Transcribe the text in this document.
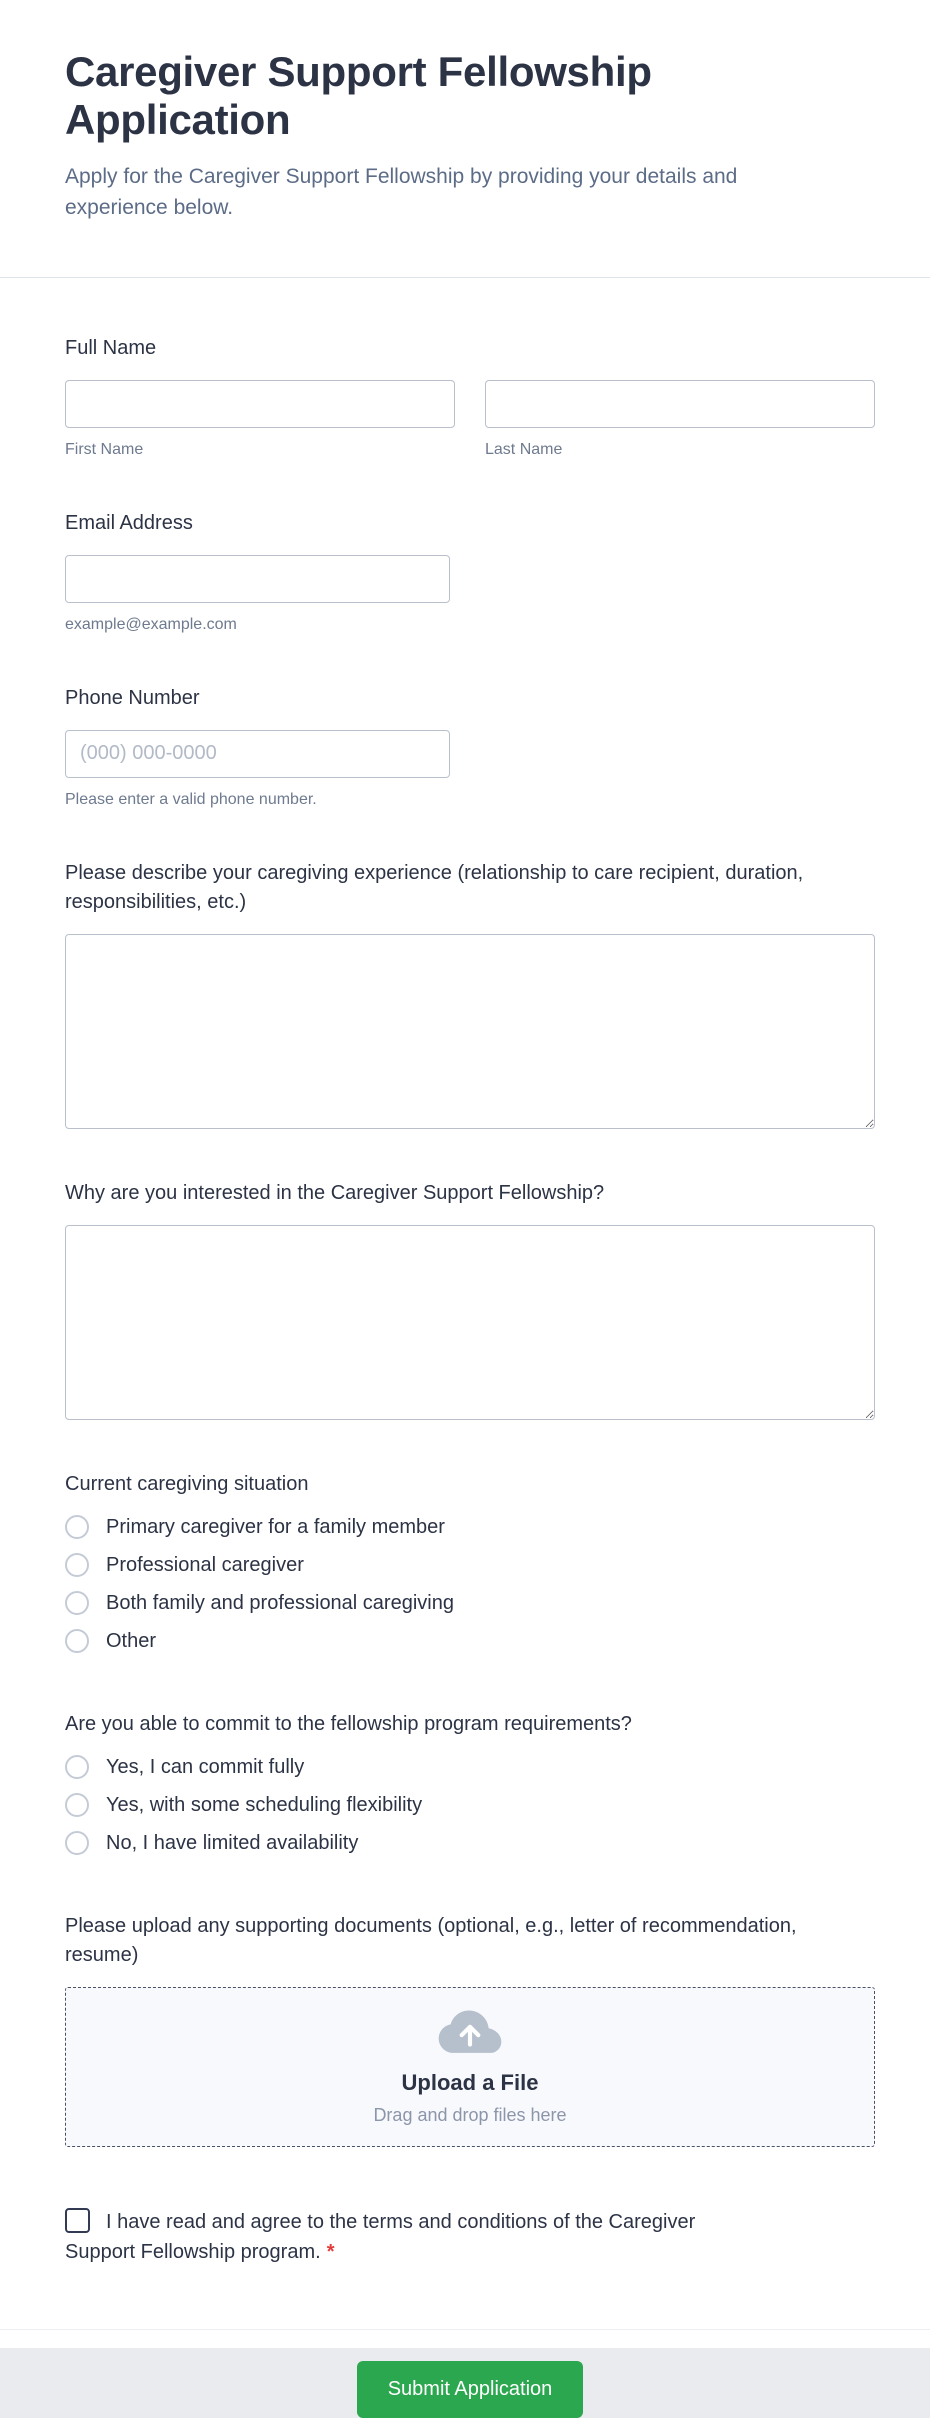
Caregiver Support Fellowship Application

Apply for the Caregiver Support Fellowship by providing your details and experience below.

Full Name
First Name	Last Name
Email Address
example@example.com
Phone Number
(000) 000-0000
Please enter a valid phone number.
Please describe your caregiving experience (relationship to care recipient, duration, responsibilities, etc.)
Why are you interested in the Caregiver Support Fellowship?
Current caregiving situation
Primary caregiver for a family member
Professional caregiver
Both family and professional caregiving
Other
Are you able to commit to the fellowship program requirements?
Yes, I can commit fully
Yes, with some scheduling flexibility
No, I have limited availability
Please upload any supporting documents (optional, e.g., letter of recommendation, resume)
Upload a File
Drag and drop files here
I have read and agree to the terms and conditions of the Caregiver Support Fellowship program. *
Submit Application
